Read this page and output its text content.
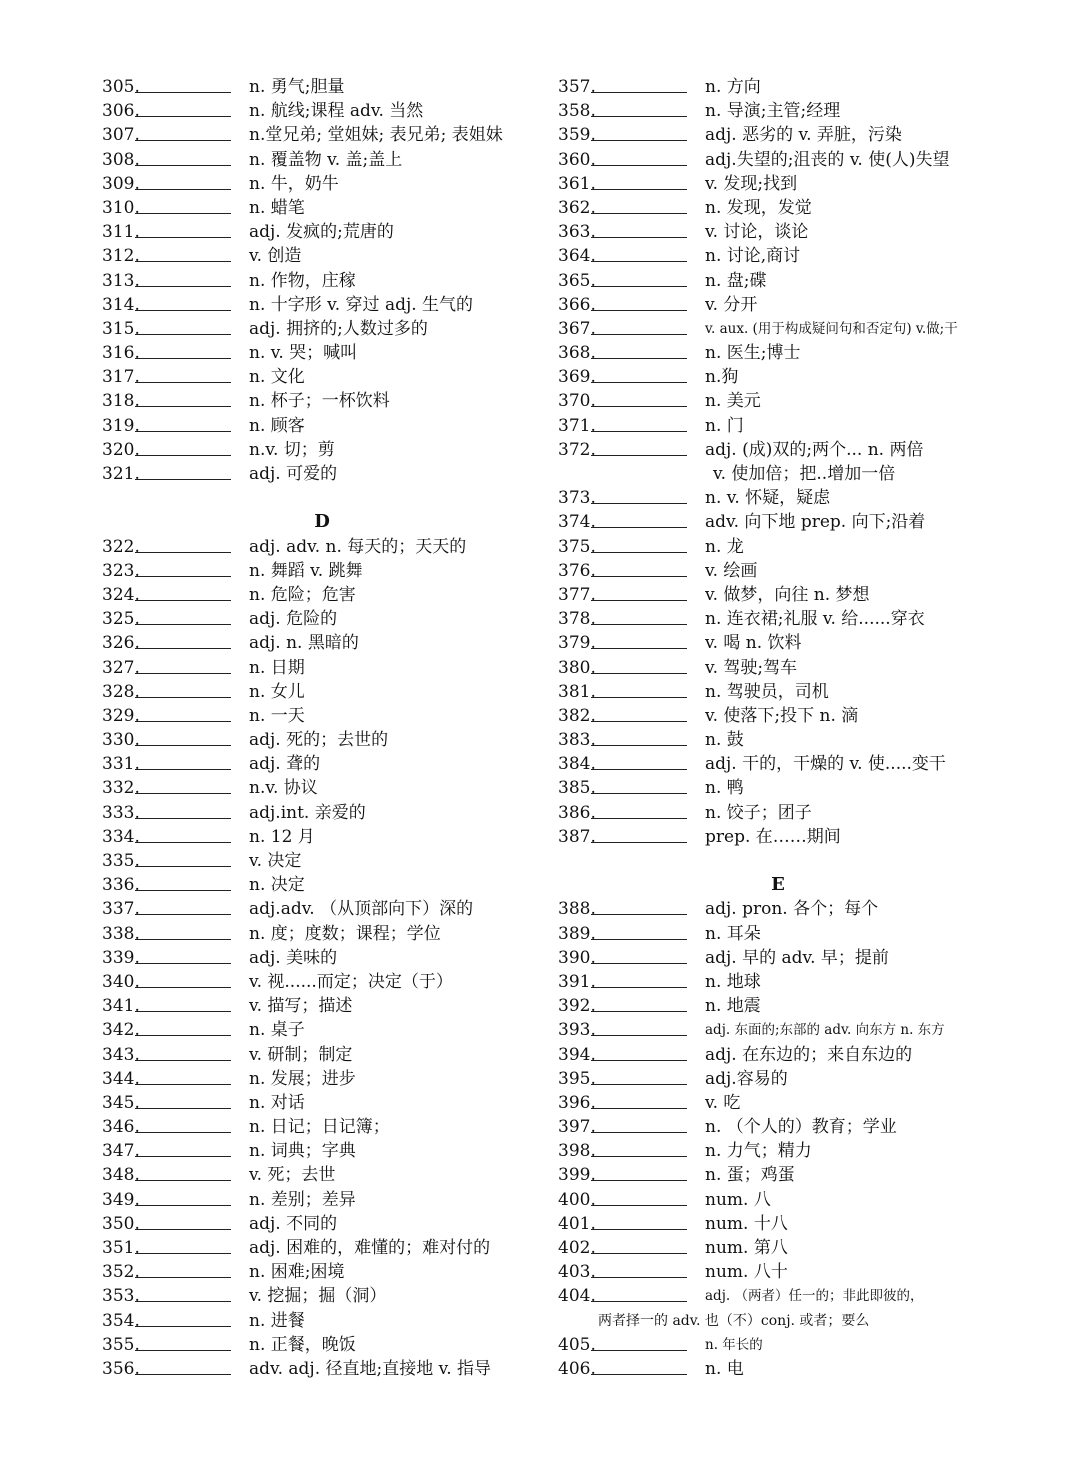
305.	n. 勇气;胆量
306.	n. 航线;课程 adv. 当然
307.	n.堂兄弟; 堂姐妹; 表兄弟; 表姐妹
308.	n. 覆盖物 v. 盖;盖上
309.	n. 牛，奶牛
310.	n. 蜡笔
311.	adj. 发疯的;荒唐的
312.	v. 创造
313.	n. 作物，庄稼
314.	n. 十字形 v. 穿过 adj. 生气的
315.	adj. 拥挤的;人数过多的
316.	n. v. 哭；喊叫
317.	n. 文化
318.	n. 杯子；一杯饮料
319.	n. 顾客
320.	n.v. 切；剪
321.	adj. 可爱的
D
322.	adj. adv. n. 每天的；天天的
323.	n. 舞蹈 v. 跳舞
324.	n. 危险；危害
325.	adj. 危险的
326.	adj. n. 黑暗的
327.	n. 日期
328.	n. 女儿
329.	n. 一天
330.	adj. 死的；去世的
331.	adj. 聋的
332.	n.v. 协议
333.	adj.int. 亲爱的
334.	n. 12 月
335.	v. 决定
336.	n. 决定
337.	adj.adv. （从顶部向下）深的
338.	n. 度；度数；课程；学位
339.	adj. 美味的
340.	v. 视......而定；决定（于）
341.	v. 描写；描述
342.	n. 桌子
343.	v. 研制；制定
344.	n. 发展；进步
345.	n. 对话
346.	n. 日记；日记簿；
347.	n. 词典；字典
348.	v. 死；去世
349.	n. 差别；差异
350.	adj. 不同的
351.	adj. 困难的，难懂的；难对付的
352.	n. 困难;困境
353.	v. 挖掘；掘（洞）
354.	n. 进餐
355.	n. 正餐，晚饭
356.	adv. adj. 径直地;直接地 v. 指导
357.	n. 方向
358.	n. 导演;主管;经理
359.	adj. 恶劣的 v. 弄脏，污染
360.	adj.失望的;沮丧的 v. 使(人)失望
361.	v. 发现;找到
362.	n. 发现，发觉
363.	v. 讨论，谈论
364.	n. 讨论,商讨
365.	n. 盘;碟
366.	v. 分开
367.	v. aux. (用于构成疑问句和否定句) v.做;干
368.	n. 医生;博士
369.	n.狗
370.	n. 美元
371.	n. 门
372.	adj. (成)双的;两个... n. 两倍
v. 使加倍；把..增加一倍
373.	n. v. 怀疑，疑虑
374.	adv. 向下地 prep. 向下;沿着
375.	n. 龙
376.	v. 绘画
377.	v. 做梦，向往 n. 梦想
378.	n. 连衣裙;礼服 v. 给......穿衣
379.	v. 喝 n. 饮料
380.	v. 驾驶;驾车
381.	n. 驾驶员，司机
382.	v. 使落下;投下 n. 滴
383.	n. 鼓
384.	adj. 干的，干燥的 v. 使.....变干
385.	n. 鸭
386.	n. 饺子；团子
387.	prep. 在……期间
E
388.	adj. pron. 各个；每个
389.	n. 耳朵
390.	adj. 早的 adv. 早；提前
391.	n. 地球
392.	n. 地震
393.	adj. 东面的;东部的 adv. 向东方 n. 东方
394.	adj. 在东边的；来自东边的
395.	adj.容易的
396.	v. 吃
397.	n. （个人的）教育；学业
398.	n. 力气；精力
399.	n. 蛋；鸡蛋
400.	num. 八
401.	num. 十八
402.	num. 第八
403.	num. 八十
404.	adj. （两者）任一的；非此即彼的，
两者择一的 adv. 也（不）conj. 或者；要么
405.	n. 年长的
406.	n. 电
